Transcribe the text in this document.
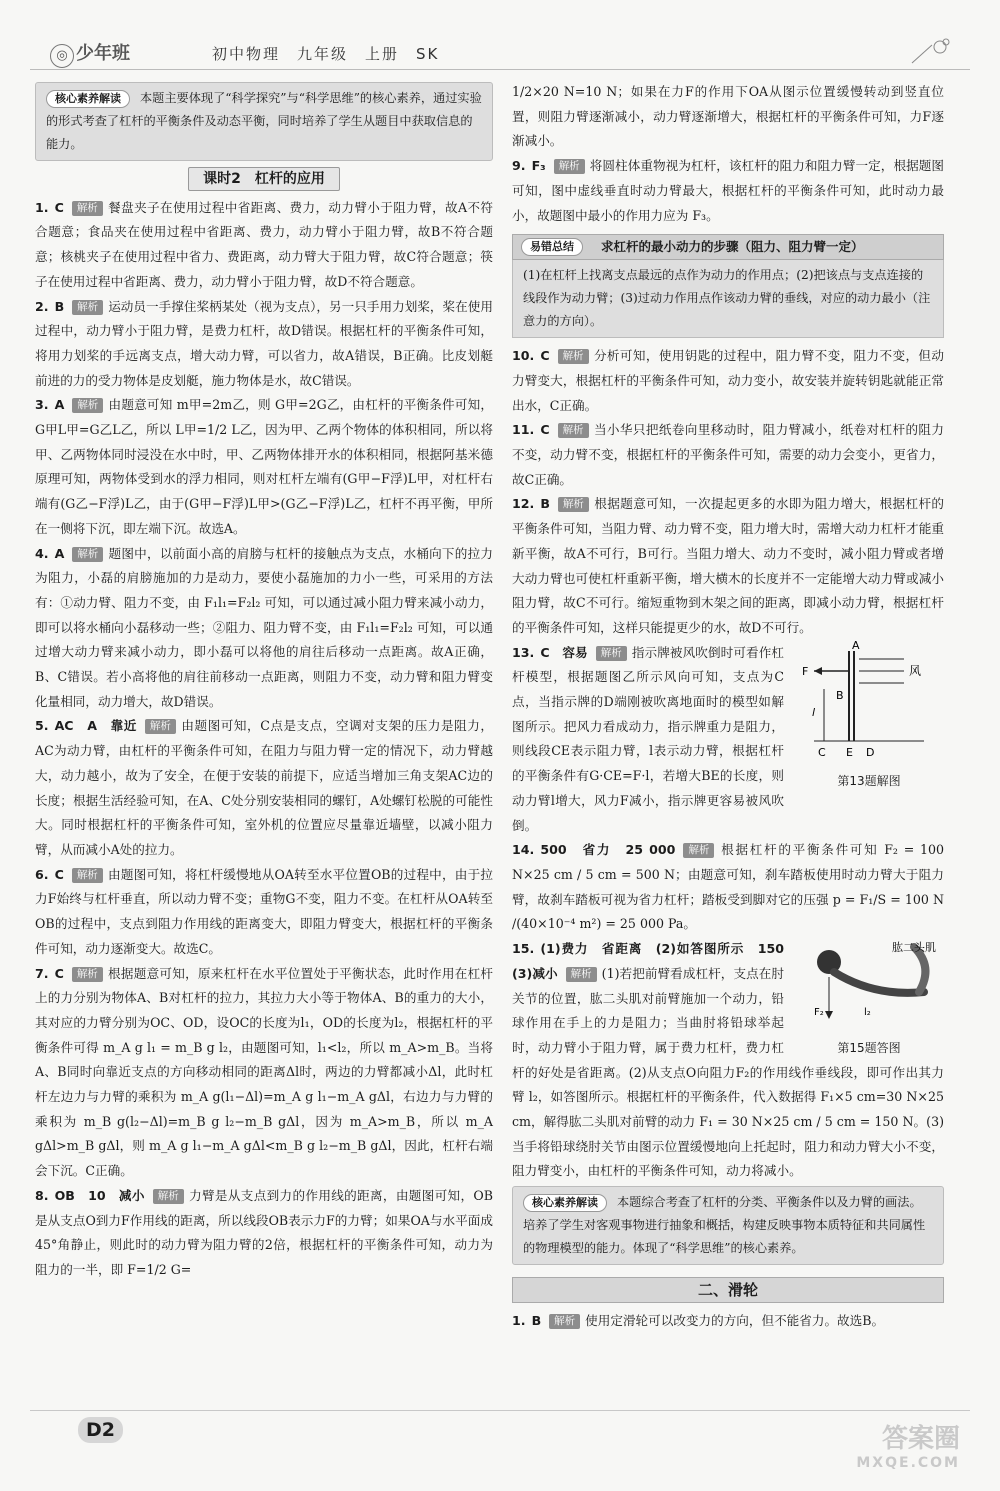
◎ 少年班	初中物理　九年级　上册　SK
核心素养解读 本题主要体现了“科学探究”与“科学思维”的核心素养，通过实验的形式考查了杠杆的平衡条件及动态平衡，同时培养了学生从题目中获取信息的能力。
课时2　杠杆的应用

1. C 解析 餐盘夹子在使用过程中省距离、费力，动力臂小于阻力臂，故A不符合题意；食品夹在使用过程中省距离、费力，动力臂小于阻力臂，故B不符合题意；核桃夹子在使用过程中省力、费距离，动力臂大于阻力臂，故C符合题意；筷子在使用过程中省距离、费力，动力臂小于阻力臂，故D不符合题意。

2. B 解析 运动员一手撑住桨柄某处（视为支点），另一只手用力划桨，桨在使用过程中，动力臂小于阻力臂，是费力杠杆，故D错误。根据杠杆的平衡条件可知，将用力划桨的手远离支点，增大动力臂，可以省力，故A错误，B正确。比皮划艇前进的力的受力物体是皮划艇，施力物体是水，故C错误。

3. A 解析 由题意可知 m甲=2m乙，则 G甲=2G乙，由杠杆的平衡条件可知，G甲L甲=G乙L乙，所以 L甲=1/2 L乙，因为甲、乙两个物体的体积相同，所以将甲、乙两物体同时浸没在水中时，甲、乙两物体排开水的体积相同，根据阿基米德原理可知，两物体受到水的浮力相同，则对杠杆左端有(G甲−F浮)L甲，对杠杆右端有(G乙−F浮)L乙，由于(G甲−F浮)L甲>(G乙−F浮)L乙，杠杆不再平衡，甲所在一侧将下沉，即左端下沉。故选A。

4. A 解析 题图中，以前面小高的肩膀与杠杆的接触点为支点，水桶向下的拉力为阻力，小磊的肩膀施加的力是动力，要使小磊施加的力小一些，可采用的方法有：①动力臂、阻力不变，由 F₁l₁=F₂l₂ 可知，可以通过减小阻力臂来减小动力，即可以将水桶向小磊移动一些；②阻力、阻力臂不变，由 F₁l₁=F₂l₂ 可知，可以通过增大动力臂来减小动力，即小磊可以将他的肩往后移动一点距离。故A正确，B、C错误。若小高将他的肩往前移动一点距离，则阻力不变，动力臂和阻力臂变化量相同，动力增大，故D错误。

5. AC　A　靠近 解析 由题图可知，C点是支点，空调对支架的压力是阻力，AC为动力臂，由杠杆的平衡条件可知，在阻力与阻力臂一定的情况下，动力臂越大，动力越小，故为了安全，在便于安装的前提下，应适当增加三角支架AC边的长度；根据生活经验可知，在A、C处分别安装相同的螺钉，A处螺钉松脱的可能性大。同时根据杠杆的平衡条件可知，室外机的位置应尽量靠近墙壁，以减小阻力臂，从而减小A处的拉力。

6. C 解析 由题图可知，将杠杆缓慢地从OA转至水平位置OB的过程中，由于拉力F始终与杠杆垂直，所以动力臂不变；重物G不变，阻力不变。在杠杆从OA转至OB的过程中，支点到阻力作用线的距离变大，即阻力臂变大，根据杠杆的平衡条件可知，动力逐渐变大。故选C。

7. C 解析 根据题意可知，原来杠杆在水平位置处于平衡状态，此时作用在杠杆上的力分别为物体A、B对杠杆的拉力，其拉力大小等于物体A、B的重力的大小，其对应的力臂分别为OC、OD，设OC的长度为l₁，OD的长度为l₂，根据杠杆的平衡条件可得 m_A g l₁ = m_B g l₂，由题图可知，l₁<l₂，所以 m_A>m_B。当将A、B同时向靠近支点的方向移动相同的距离Δl时，两边的力臂都减小Δl，此时杠杆左边力与力臂的乘积为 m_A g(l₁−Δl)=m_A g l₁−m_A gΔl，右边力与力臂的乘积为 m_B g(l₂−Δl)=m_B g l₂−m_B gΔl，因为 m_A>m_B，所以 m_A gΔl>m_B gΔl，则 m_A g l₁−m_A gΔl<m_B g l₂−m_B gΔl，因此，杠杆右端会下沉。C正确。

8. OB　10　减小 解析 力臂是从支点到力的作用线的距离，由题图可知，OB是从支点O到力F作用线的距离，所以线段OB表示力F的力臂；如果OA与水平面成45°角静止，则此时的动力臂为阻力臂的2倍，根据杠杆的平衡条件可知，动力为阻力的一半，即 F=1/2 G=

1/2×20 N=10 N；如果在力F的作用下OA从图示位置缓慢转动到竖直位置，则阻力臂逐渐减小，动力臂逐渐增大，根据杠杆的平衡条件可知，力F逐渐减小。

9. F₃ 解析 将圆柱体重物视为杠杆，该杠杆的阻力和阻力臂一定，根据题图可知，图中虚线垂直时动力臂最大，根据杠杆的平衡条件可知，此时动力最小，故题图中最小的作用力应为 F₃。

易错总结	求杠杆的最小动力的步骤（阻力、阻力臂一定）
(1)在杠杆上找离支点最远的点作为动力的作用点；(2)把该点与支点连接的线段作为动力臂；(3)过动力作用点作该动力臂的垂线，对应的动力最小（注意力的方向）。

10. C 解析 分析可知，使用钥匙的过程中，阻力臂不变，阻力不变，但动力臂变大，根据杠杆的平衡条件可知，动力变小，故安装并旋转钥匙就能正常出水，C正确。

11. C 解析 当小华只把纸卷向里移动时，阻力臂减小，纸卷对杠杆的阻力不变，动力臂不变，根据杠杆的平衡条件可知，需要的动力会变小，更省力，故C正确。

12. B 解析 根据题意可知，一次提起更多的水即为阻力增大，根据杠杆的平衡条件可知，当阻力臂、动力臂不变，阻力增大时，需增大动力杠杆才能重新平衡，故A不可行，B可行。当阻力增大、动力不变时，减小阻力臂或者增大动力臂也可使杠杆重新平衡，增大横木的长度并不一定能增大动力臂或减小阻力臂，故C不可行。缩短重物到木架之间的距离，即减小动力臂，根据杠杆的平衡条件可知，这样只能提更少的水，故D不可行。

A
B
C E D
F
l
风
第13题解图
13. C　容易 解析 指示牌被风吹倒时可看作杠杆模型，根据题图乙所示风向可知，支点为C点，当指示牌的D端刚被吹离地面时的模型如解图所示。把风力看成动力，指示牌重力是阻力，则线段CE表示阻力臂，l表示动力臂，根据杠杆的平衡条件有G·CE=F·l，若增大BE的长度，则动力臂l增大，风力F减小，指示牌更容易被风吹倒。

14. 500　省力　25 000 解析 根据杠杆的平衡条件可知 F₂ = 100 N×25 cm / 5 cm = 500 N；由题意可知，刹车踏板使用时动力臂大于阻力臂，故刹车踏板可视为省力杠杆；踏板受到脚对它的压强 p = F₁/S = 100 N /(40×10⁻⁴ m²) = 25 000 Pa。

肱二头肌
F₂	l₂
第15题答图
15. (1)费力　省距离　(2)如答图所示　150　(3)减小 解析 (1)若把前臂看成杠杆，支点在肘关节的位置，肱二头肌对前臂施加一个动力，铅球作用在手上的力是阻力；当曲肘将铅球举起时，动力臂小于阻力臂，属于费力杠杆，费力杠杆的好处是省距离。(2)从支点O向阻力F₂的作用线作垂线段，即可作出其力臂 l₂，如答图所示。根据杠杆的平衡条件，代入数据得 F₁×5 cm=30 N×25 cm，解得肱二头肌对前臂的动力 F₁ = 30 N×25 cm / 5 cm = 150 N。(3)当手将铅球绕肘关节由图示位置缓慢地向上托起时，阻力和动力臂大小不变，阻力臂变小，由杠杆的平衡条件可知，动力将减小。

核心素养解读 本题综合考查了杠杆的分类、平衡条件以及力臂的画法。培养了学生对客观事物进行抽象和概括，构建反映事物本质特征和共同属性的物理模型的能力。体现了“科学思维”的核心素养。
二、滑轮

1. B 解析 使用定滑轮可以改变力的方向，但不能省力。故选B。

D2	答案圈
MXQE.COM
